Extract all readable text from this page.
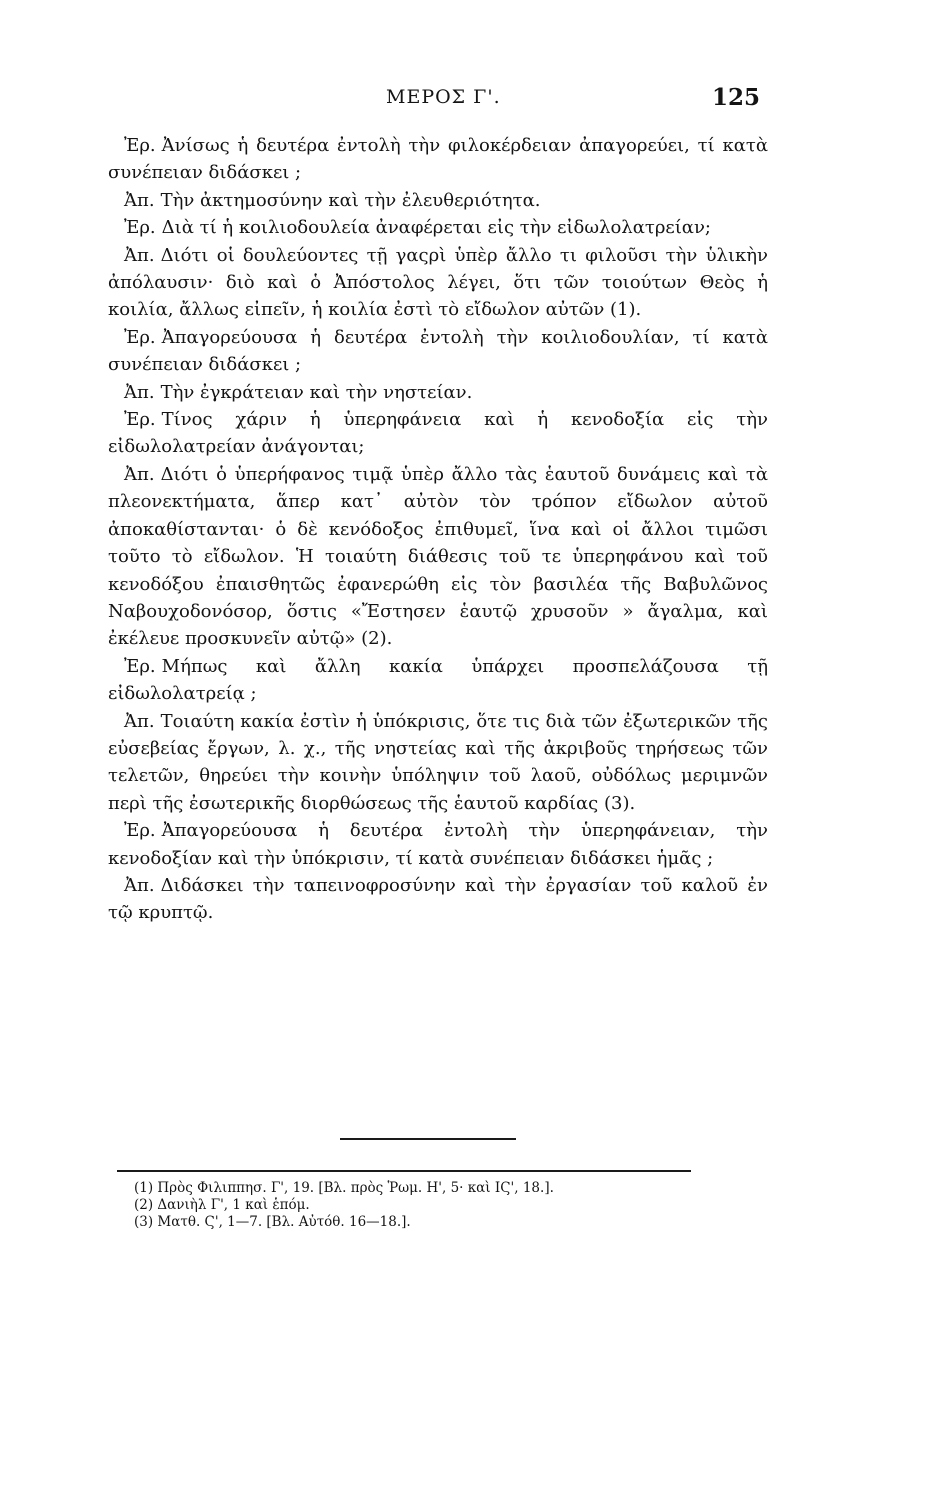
ΜΕΡΟΣ Γ'.	125

Ἐρ. Ἀνίσως ἡ δευτέρα ἐντολὴ τὴν φιλοκέρδειαν ἀπαγορεύει, τί κατὰ συνέπειαν διδάσκει ;

Ἀπ. Τὴν ἀκτημοσύνην καὶ τὴν ἐλευθεριότητα.

Ἐρ. Διὰ τί ἡ κοιλιοδουλεία ἀναφέρεται εἰς τὴν εἰδωλολατρείαν;

Ἀπ. Διότι οἱ δουλεύοντες τῇ γαςρὶ ὑπὲρ ἄλλο τι φιλοῦσι τὴν ὑλικὴν ἀπόλαυσιν· διὸ καὶ ὁ Ἀπόστολος λέγει, ὅτι τῶν τοιούτων Θεὸς ἡ κοιλία, ἄλλως εἰπεῖν, ἡ κοιλία ἐστὶ τὸ εἴδωλον αὐτῶν (1).

Ἐρ. Ἀπαγορεύουσα ἡ δευτέρα ἐντολὴ τὴν κοιλιοδουλίαν, τί κατὰ συνέπειαν διδάσκει ;

Ἀπ. Τὴν ἐγκράτειαν καὶ τὴν νηστείαν.

Ἐρ. Τίνος χάριν ἡ ὑπερηφάνεια καὶ ἡ κενοδοξία εἰς τὴν εἰδωλολατρείαν ἀνάγονται;

Ἀπ. Διότι ὁ ὑπερήφανος τιμᾷ ὑπὲρ ἄλλο τὰς ἑαυτοῦ δυνάμεις καὶ τὰ πλεονεκτήματα, ἅπερ κατ᾽ αὐτὸν τὸν τρόπον εἴδωλον αὐτοῦ ἀποκαθίστανται· ὁ δὲ κενόδοξος ἐπιθυμεῖ, ἵνα καὶ οἱ ἄλλοι τιμῶσι τοῦτο τὸ εἴδωλον. Ἡ τοιαύτη διάθεσις τοῦ τε ὑπερηφάνου καὶ τοῦ κενοδόξου ἐπαισθητῶς ἐφανερώθη εἰς τὸν βασιλέα τῆς Βαβυλῶνος Ναβουχοδονόσορ, ὅστις «Ἔστησεν ἑαυτῷ χρυσοῦν » ἄγαλμα, καὶ ἐκέλευε προσκυνεῖν αὐτῷ» (2).

Ἐρ. Μήπως καὶ ἄλλη κακία ὑπάρχει προσπελάζουσα τῇ εἰδωλολατρείᾳ ;

Ἀπ. Τοιαύτη κακία ἐστὶν ἡ ὑπόκρισις, ὅτε τις διὰ τῶν ἐξωτερικῶν τῆς εὐσεβείας ἔργων, λ. χ., τῆς νηστείας καὶ τῆς ἀκριβοῦς τηρήσεως τῶν τελετῶν, θηρεύει τὴν κοινὴν ὑπόληψιν τοῦ λαοῦ, οὐδόλως μεριμνῶν περὶ τῆς ἐσωτερικῆς διορθώσεως τῆς ἑαυτοῦ καρδίας (3).

Ἐρ. Ἀπαγορεύουσα ἡ δευτέρα ἐντολὴ τὴν ὑπερηφάνειαν, τὴν κενοδοξίαν καὶ τὴν ὑπόκρισιν, τί κατὰ συνέπειαν διδάσκει ἡμᾶς ;

Ἀπ. Διδάσκει τὴν ταπεινοφροσύνην καὶ τὴν ἐργασίαν τοῦ καλοῦ ἐν τῷ κρυπτῷ.

(1) Πρὸς Φιλιππησ. Γ', 19. [Βλ. πρὸς Ῥωμ. Η', 5· καὶ ΙϚ', 18.].

(2) Δανιὴλ Γ', 1 καὶ ἑπόμ.

(3) Ματθ. Ϛ', 1—7. [Βλ. Αὐτόθ. 16—18.].
